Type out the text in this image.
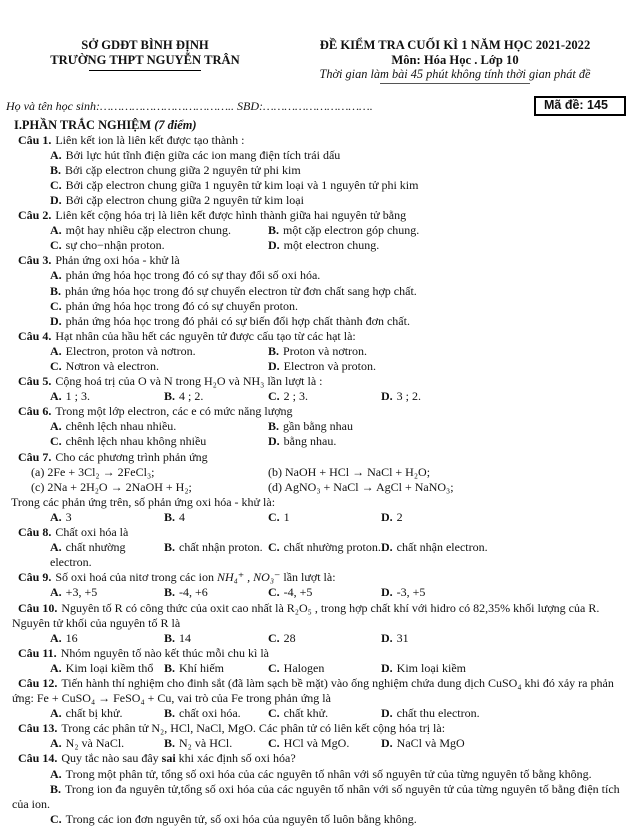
SỞ GDĐT BÌNH ĐỊNH
TRƯỜNG THPT NGUYỄN TRÂN
ĐỀ KIỂM TRA CUỐI KÌ 1 NĂM HỌC 2021-2022
Môn: Hóa Học . Lớp 10
Thời gian làm bài 45 phút không tính thời gian phát đề
Họ và tên học sinh:……………………………….. SBD:………………………….	Mã đề: 145
I.PHẦN TRẮC NGHIỆM (7 điểm)
Câu 1. Liên kết ion là liên kết được tạo thành :
A. Bởi lực hút tĩnh điện giữa các ion mang điện tích trái dấu
B. Bởi cặp electron chung giữa 2 nguyên tử phi kim
C. Bởi cặp electron chung giữa 1 nguyên tử kim loại và 1 nguyên tử phi kim
D. Bởi cặp electron chung giữa 2 nguyên tử kim loại
Câu 2. Liên kết cộng hóa trị là liên kết được hình thành giữa hai nguyên tử bằng
A. một hay nhiều cặp electron chung.	B. một cặp electron góp chung.
C. sự cho−nhận proton.	D. một electron chung.
Câu 3. Phản ứng oxi hóa - khử là
A. phản ứng hóa học trong đó có sự thay đổi số oxi hóa.
B. phản ứng hóa học trong đó sự chuyển electron từ đơn chất sang hợp chất.
C. phản ứng hóa học trong đó có sự chuyển proton.
D. phản ứng hóa học trong đó phải có sự biến đổi hợp chất thành đơn chất.
Câu 4. Hạt nhân của hầu hết các nguyên tử được cấu tạo từ các hạt là:
A. Electron, proton và nơtron.	B. Proton và nơtron.
C. Nơtron và electron.	D. Electron và proton.
Câu 5. Cộng hoá trị của O và N trong H₂O và NH₃ lần lượt là :
A. 1 ; 3.	B. 4 ; 2.	C. 2 ; 3.	D. 3 ; 2.
Câu 6. Trong một lớp electron, các e có mức năng lượng
A. chênh lệch nhau nhiều.	B. gần bằng nhau
C. chênh lệch nhau không nhiều	D. bằng nhau.
Câu 7. Cho các phương trình phản ứng
(a) 2Fe + 3Cl₂ → 2FeCl₃;	(b) NaOH + HCl → NaCl + H₂O;
(c) 2Na + 2H₂O → 2NaOH + H₂;	(d) AgNO₃ + NaCl → AgCl + NaNO₃;
Trong các phản ứng trên, số phản ứng oxi hóa - khử là:
A. 3	B. 4	C. 1	D. 2
Câu 8. Chất oxi hóa là
A. chất nhường electron.
B. chất nhận proton. C. chất nhường proton. D. chất nhận electron.
Câu 9. Số oxi hoá của nitơ trong các ion NH₄⁺ , NO₃⁻ lần lượt là:
A. +3, +5	B. -4, +6	C. -4, +5	D. -3, +5
Câu 10. Nguyên tố R có công thức của oxit cao nhất là R₂O₅ , trong hợp chất khí với hidro có 82,35% khối lượng của R. Nguyên tử khối của nguyên tố R là
A. 16	B. 14	C. 28	D. 31
Câu 11. Nhóm nguyên tố nào kết thúc mỗi chu kì là
A. Kim loại kiềm thổ B. Khí hiếm	C. Halogen	D. Kim loại kiềm
Câu 12. Tiến hành thí nghiệm cho đinh sắt (đã làm sạch bề mặt) vào ống nghiệm chứa dung dịch CuSO₄ khi đó xảy ra phản ứng: Fe + CuSO₄ → FeSO₄ + Cu, vai trò của Fe trong phản ứng là
A. chất bị khử.	B. chất oxi hóa.	C. chất khử.	D. chất thu electron.
Câu 13. Trong các phân tử N₂, HCl, NaCl, MgO. Các phân tử có liên kết cộng hóa trị là:
A. N₂ và NaCl.	B. N₂ và HCl.	C. HCl và MgO.	D. NaCl và MgO
Câu 14. Quy tắc nào sau đây sai khi xác định số oxi hóa?
A. Trong một phân tử, tổng số oxi hóa của các nguyên tố nhân với số nguyên tử của từng nguyên tố bằng không.
B. Trong ion đa nguyên tử,tổng số oxi hóa của các nguyên tố nhân với số nguyên tử của từng nguyên tố bằng điện tích của ion.
C. Trong các ion đơn nguyên tử, số oxi hóa của nguyên tố luôn bằng không.
